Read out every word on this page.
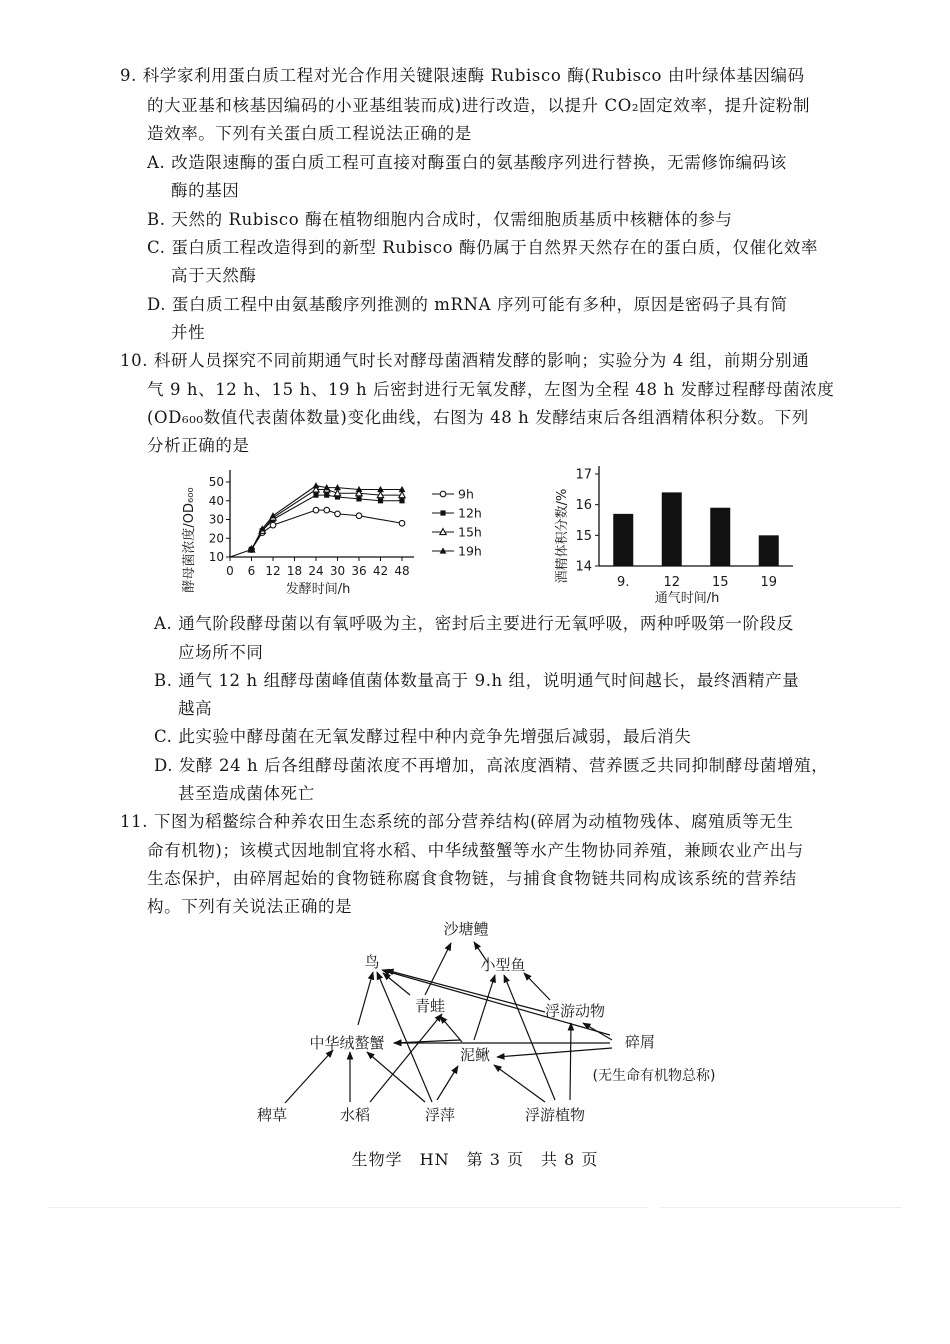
9. 科学家利用蛋白质工程对光合作用关键限速酶 Rubisco 酶(Rubisco 由叶绿体基因编码
的大亚基和核基因编码的小亚基组装而成)进行改造，以提升 CO₂固定效率，提升淀粉制
造效率。下列有关蛋白质工程说法正确的是
A. 改造限速酶的蛋白质工程可直接对酶蛋白的氨基酸序列进行替换，无需修饰编码该
酶的基因
B. 天然的 Rubisco 酶在植物细胞内合成时，仅需细胞质基质中核糖体的参与
C. 蛋白质工程改造得到的新型 Rubisco 酶仍属于自然界天然存在的蛋白质，仅催化效率
高于天然酶
D. 蛋白质工程中由氨基酸序列推测的 mRNA 序列可能有多种，原因是密码子具有简
并性
10. 科研人员探究不同前期通气时长对酵母菌酒精发酵的影响；实验分为 4 组，前期分别通
气 9 h、12 h、15 h、19 h 后密封进行无氧发酵，左图为全程 48 h 发酵过程酵母菌浓度
(OD₆₀₀数值代表菌体数量)变化曲线，右图为 48 h 发酵结束后各组酒精体积分数。下列
分析正确的是
酵母菌浓度/OD₆₀₀ 0 6 12 18 24 30 36 42 48
10
20
30
40
50
发酵时间/h
9h
12h
15h
19h	酒精体积分数/% 14
15
16
17
9.	12 15 19
通气时间/h
A. 通气阶段酵母菌以有氧呼吸为主，密封后主要进行无氧呼吸，两种呼吸第一阶段反
应场所不同
B. 通气 12 h 组酵母菌峰值菌体数量高于 9.h 组，说明通气时间越长，最终酒精产量
越高
C. 此实验中酵母菌在无氧发酵过程中种内竞争先增强后减弱，最后消失
D. 发酵 24 h 后各组酵母菌浓度不再增加，高浓度酒精、营养匮乏共同抑制酵母菌增殖，
甚至造成菌体死亡
11. 下图为稻鳖综合种养农田生态系统的部分营养结构(碎屑为动植物残体、腐殖质等无生
命有机物)；该模式因地制宜将水稻、中华绒螯蟹等水产生物协同养殖，兼顾农业产出与
生态保护，由碎屑起始的食物链称腐食食物链，与捕食食物链共同构成该系统的营养结
构。下列有关说法正确的是
沙塘鳢
鸟	小型鱼
青蛙	浮游动物
中华绒螯蟹
泥鳅
碎屑
(无生命有机物总称)
稗草	水稻	浮萍	浮游植物
生物学　HN　第 3 页　共 8 页
